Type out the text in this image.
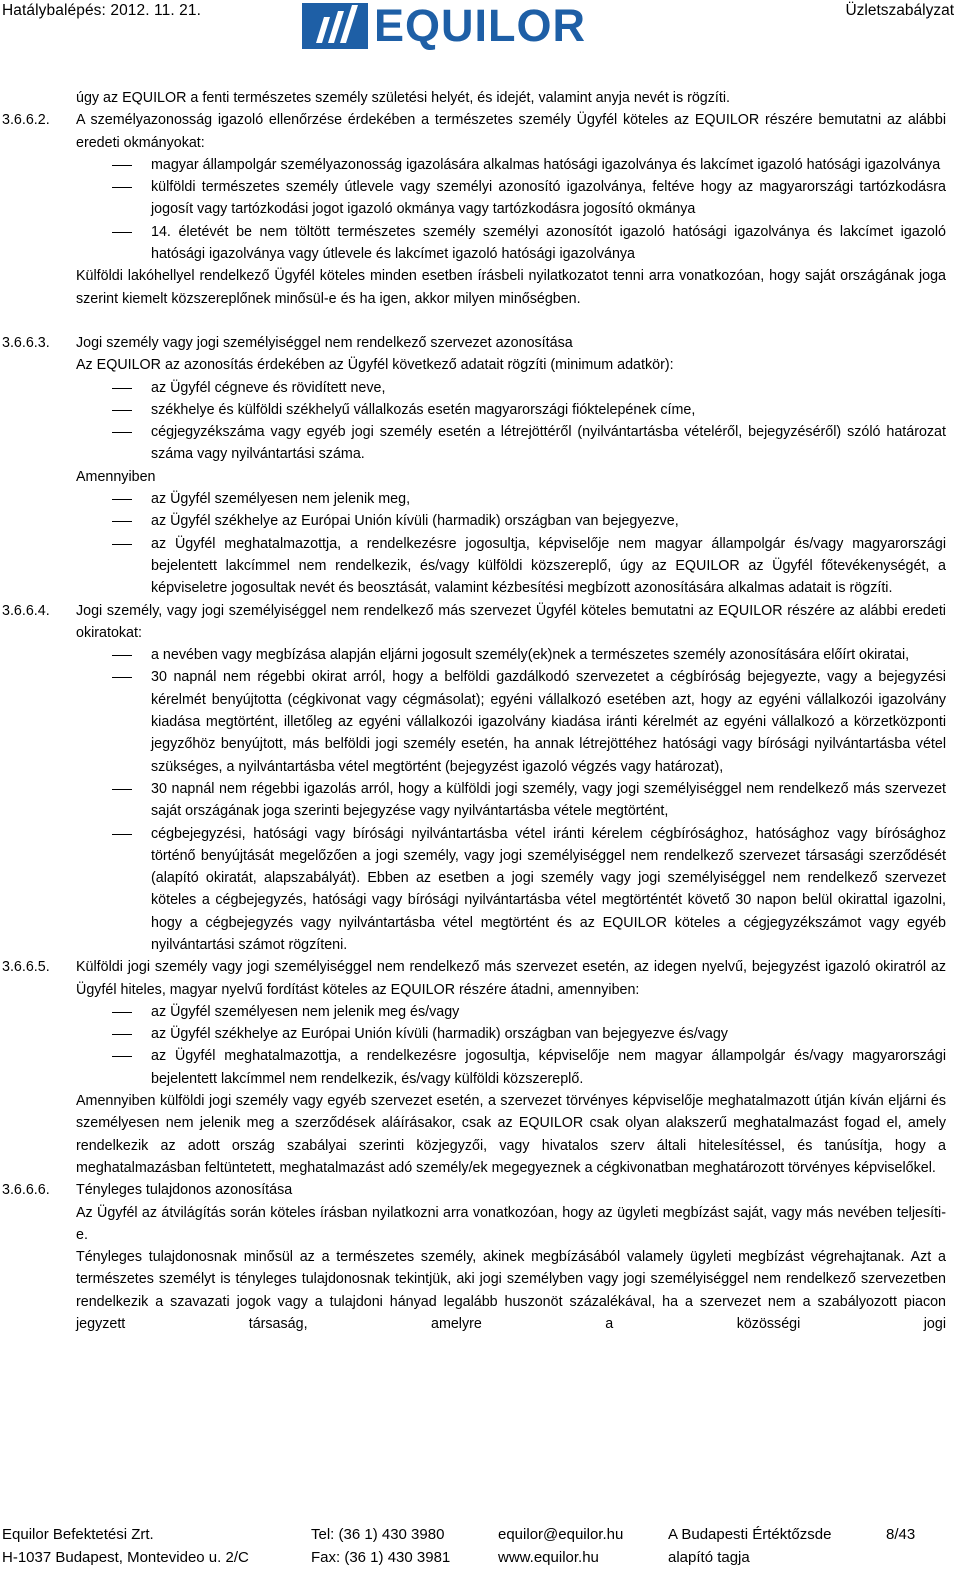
Hatálybalépés: 2012. 11. 21.	EQUILOR	Üzletszabályzat

úgy az EQUILOR a fenti természetes személy születési helyét, és idejét, valamint anyja nevét is rögzíti.

3.6.6.2. A személyazonosság igazoló ellenőrzése érdekében a természetes személy Ügyfél köteles az EQUILOR részére bemutatni az alábbi eredeti okmányokat:

magyar állampolgár személyazonosság igazolására alkalmas hatósági igazolványa és lakcímet igazoló hatósági igazolványa

külföldi természetes személy útlevele vagy személyi azonosító igazolványa, feltéve hogy az magyarországi tartózkodásra jogosít vagy tartózkodási jogot igazoló okmánya vagy tartózkodásra jogosító okmánya

14. életévét be nem töltött természetes személy személyi azonosítót igazoló hatósági igazolványa és lakcímet igazoló hatósági igazolványa vagy útlevele és lakcímet igazoló hatósági igazolványa

Külföldi lakóhellyel rendelkező Ügyfél köteles minden esetben írásbeli nyilatkozatot tenni arra vonatkozóan, hogy saját országának joga szerint kiemelt közszereplőnek minősül-e és ha igen, akkor milyen minőségben.

3.6.6.3. Jogi személy vagy jogi személyiséggel nem rendelkező szervezet azonosítása

Az EQUILOR az azonosítás érdekében az Ügyfél következő adatait rögzíti (minimum adatkör):

az Ügyfél cégneve és rövidített neve,

székhelye és külföldi székhelyű vállalkozás esetén magyarországi fióktelepének címe,

cégjegyzékszáma vagy egyéb jogi személy esetén a létrejöttéről (nyilvántartásba vételéről, bejegyzéséről) szóló határozat száma vagy nyilvántartási száma.

Amennyiben

az Ügyfél személyesen nem jelenik meg,

az Ügyfél székhelye az Európai Unión kívüli (harmadik) országban van bejegyezve,

az Ügyfél meghatalmazottja, a rendelkezésre jogosultja, képviselője nem magyar állampolgár és/vagy magyarországi bejelentett lakcímmel nem rendelkezik, és/vagy külföldi közszereplő, úgy az EQUILOR az Ügyfél főtevékenységét, a képviseletre jogosultak nevét és beosztását, valamint kézbesítési megbízott azonosítására alkalmas adatait is rögzíti.

3.6.6.4. Jogi személy, vagy jogi személyiséggel nem rendelkező más szervezet Ügyfél köteles bemutatni az EQUILOR részére az alábbi eredeti okiratokat:

a nevében vagy megbízása alapján eljárni jogosult személy(ek)nek a természetes személy azonosítására előírt okiratai,

30 napnál nem régebbi okirat arról, hogy a belföldi gazdálkodó szervezetet a cégbíróság bejegyezte, vagy a bejegyzési kérelmét benyújtotta (cégkivonat vagy cégmásolat); egyéni vállalkozó esetében azt, hogy az egyéni vállalkozói igazolvány kiadása megtörtént, illetőleg az egyéni vállalkozói igazolvány kiadása iránti kérelmét az egyéni vállalkozó a körzetközponti jegyzőhöz benyújtott, más belföldi jogi személy esetén, ha annak létrejöttéhez hatósági vagy bírósági nyilvántartásba vétel szükséges, a nyilvántartásba vétel megtörtént (bejegyzést igazoló végzés vagy határozat),

30 napnál nem régebbi igazolás arról, hogy a külföldi jogi személy, vagy jogi személyiséggel nem rendelkező más szervezet saját országának joga szerinti bejegyzése vagy nyilvántartásba vétele megtörtént,

cégbejegyzési, hatósági vagy bírósági nyilvántartásba vétel iránti kérelem cégbírósághoz, hatósághoz vagy bírósághoz történő benyújtását megelőzően a jogi személy, vagy jogi személyiséggel nem rendelkező szervezet társasági szerződését (alapító okiratát, alapszabályát). Ebben az esetben a jogi személy vagy jogi személyiséggel nem rendelkező szervezet köteles a cégbejegyzés, hatósági vagy bírósági nyilvántartásba vétel megtörténtét követő 30 napon belül okirattal igazolni, hogy a cégbejegyzés vagy nyilvántartásba vétel megtörtént és az EQUILOR köteles a cégjegyzékszámot vagy egyéb nyilvántartási számot rögzíteni.

3.6.6.5. Külföldi jogi személy vagy jogi személyiséggel nem rendelkező más szervezet esetén, az idegen nyelvű, bejegyzést igazoló okiratról az Ügyfél hiteles, magyar nyelvű fordítást köteles az EQUILOR részére átadni, amennyiben:

az Ügyfél személyesen nem jelenik meg és/vagy

az Ügyfél székhelye az Európai Unión kívüli (harmadik) országban van bejegyezve és/vagy

az Ügyfél meghatalmazottja, a rendelkezésre jogosultja, képviselője nem magyar állampolgár és/vagy magyarországi bejelentett lakcímmel nem rendelkezik, és/vagy külföldi közszereplő.

Amennyiben külföldi jogi személy vagy egyéb szervezet esetén, a szervezet törvényes képviselője meghatalmazott útján kíván eljárni és személyesen nem jelenik meg a szerződések aláírásakor, csak az EQUILOR csak olyan alakszerű meghatalmazást fogad el, amely rendelkezik az adott ország szabályai szerinti közjegyzői, vagy hivatalos szerv általi hitelesítéssel, és tanúsítja, hogy a meghatalmazásban feltüntetett, meghatalmazást adó személy/ek megegyeznek a cégkivonatban meghatározott törvényes képviselőkel.

3.6.6.6. Tényleges tulajdonos azonosítása

Az Ügyfél az átvilágítás során köteles írásban nyilatkozni arra vonatkozóan, hogy az ügyleti megbízást saját, vagy más nevében teljesíti-e.

Tényleges tulajdonosnak minősül az a természetes személy, akinek megbízásából valamely ügyleti megbízást végrehajtanak. Azt a természetes személyt is tényleges tulajdonosnak tekintjük, aki jogi személyben vagy jogi személyiséggel nem rendelkező szervezetben rendelkezik a szavazati jogok vagy a tulajdoni hányad legalább huszonöt százalékával, ha a szervezet nem a szabályozott piacon jegyzett társaság, amelyre a közösségi jogi

Equilor Befektetési Zrt.	Tel: (36 1) 430 3980	equilor@equilor.hu	A Budapesti Értéktőzsde	8/43
H-1037 Budapest, Montevideo u. 2/C	Fax: (36 1) 430 3981	www.equilor.hu	alapító tagja
